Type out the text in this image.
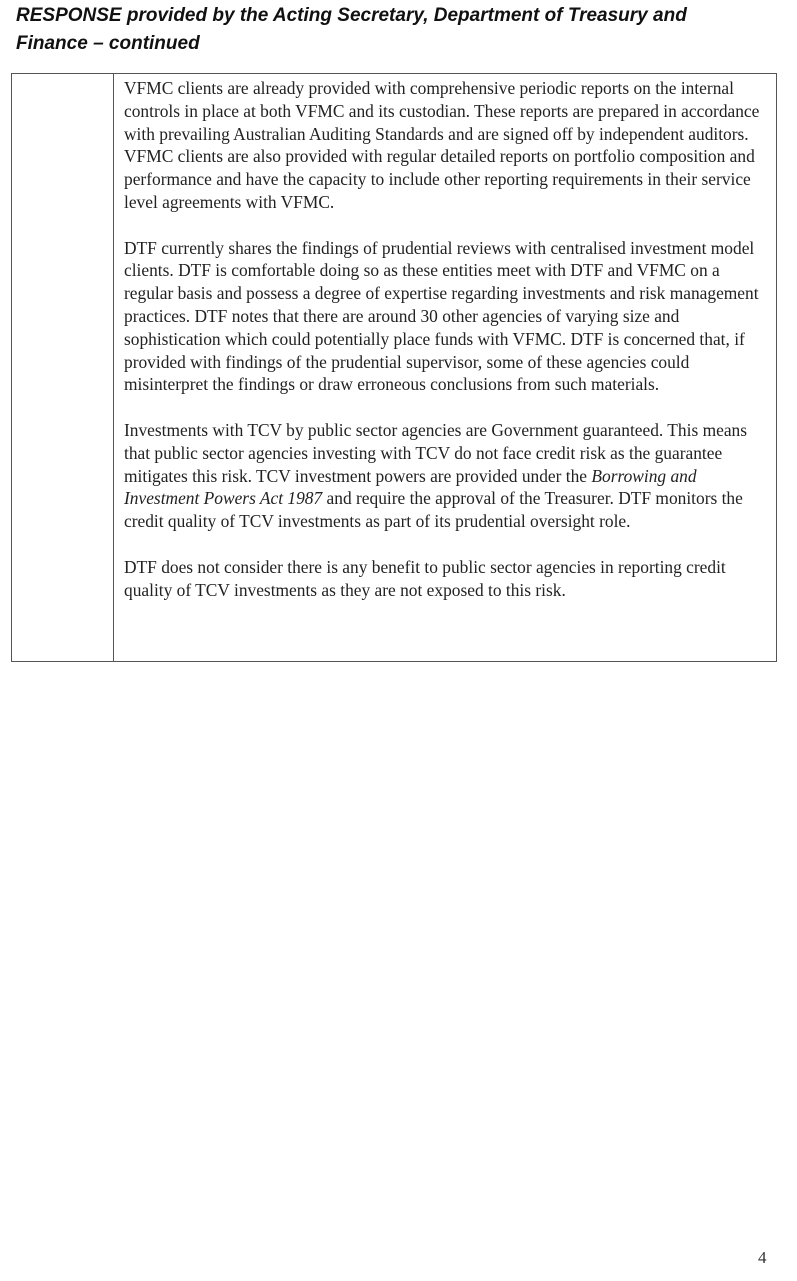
RESPONSE provided by the Acting Secretary, Department of Treasury and
Finance – continued

VFMC clients are already provided with comprehensive periodic reports on the internal controls in place at both VFMC and its custodian. These reports are prepared in accordance with prevailing Australian Auditing Standards and are signed off by independent auditors. VFMC clients are also provided with regular detailed reports on portfolio composition and performance and have the capacity to include other reporting requirements in their service level agreements with VFMC.

DTF currently shares the findings of prudential reviews with centralised investment model clients. DTF is comfortable doing so as these entities meet with DTF and VFMC on a regular basis and possess a degree of expertise regarding investments and risk management practices. DTF notes that there are around 30 other agencies of varying size and sophistication which could potentially place funds with VFMC. DTF is concerned that, if provided with findings of the prudential supervisor, some of these agencies could misinterpret the findings or draw erroneous conclusions from such materials.

Investments with TCV by public sector agencies are Government guaranteed. This means that public sector agencies investing with TCV do not face credit risk as the guarantee mitigates this risk. TCV investment powers are provided under the Borrowing and Investment Powers Act 1987 and require the approval of the Treasurer. DTF monitors the credit quality of TCV investments as part of its prudential oversight role.

DTF does not consider there is any benefit to public sector agencies in reporting credit quality of TCV investments as they are not exposed to this risk.

4
